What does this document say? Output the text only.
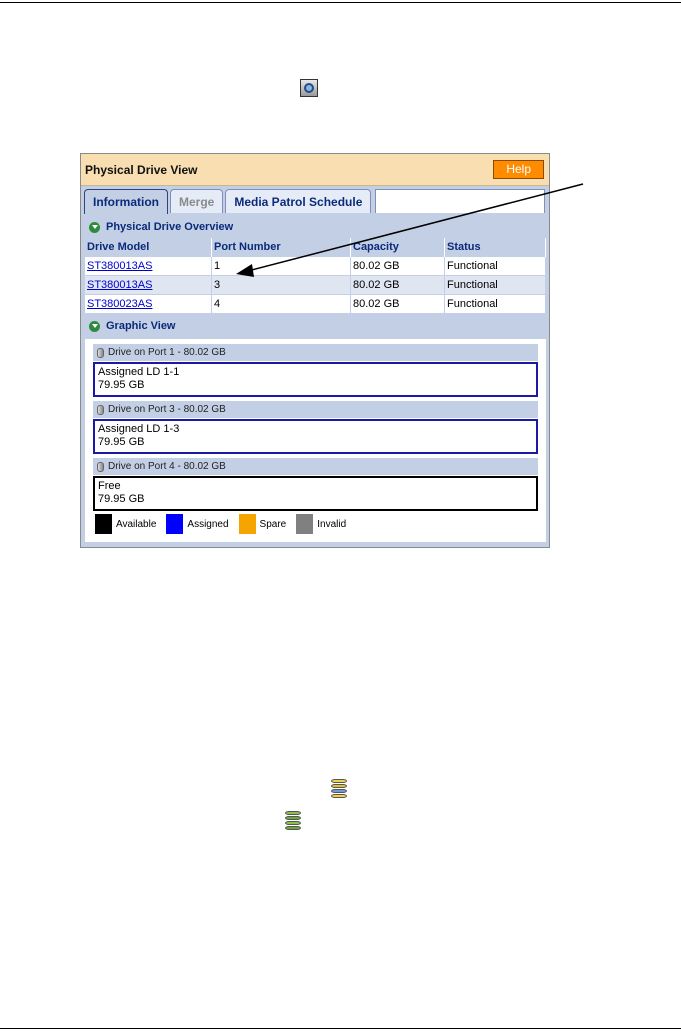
Physical Drive View	Help
Information	Merge	Media Patrol Schedule
Physical Drive Overview
Drive Model	Port Number	Capacity	Status
ST380013AS	1	80.02 GB	Functional
ST380013AS	3	80.02 GB	Functional
ST380023AS	4	80.02 GB	Functional
Graphic View
Drive on Port 1 - 80.02 GB
Assigned LD 1-1
79.95 GB
Drive on Port 3 - 80.02 GB
Assigned LD 1-3
79.95 GB
Drive on Port 4 - 80.02 GB
Free
79.95 GB
Available	Assigned	Spare	Invalid
